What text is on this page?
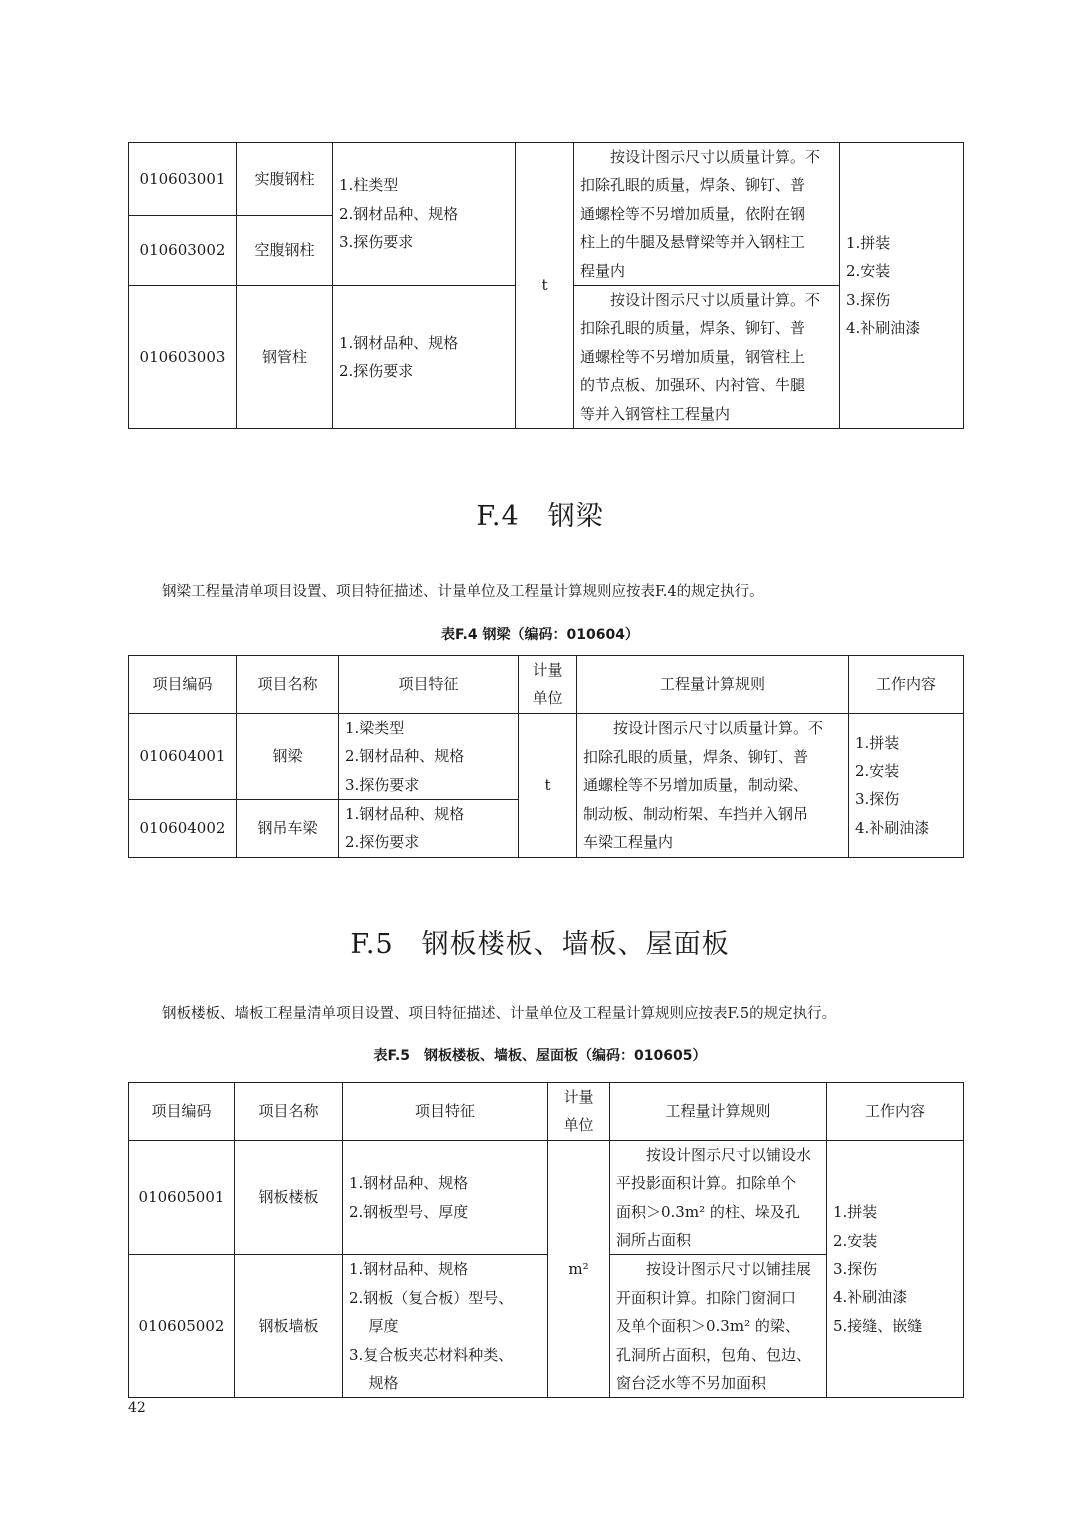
010603001	实腹钢柱	1.柱类型
2.钢材品种、规格
3.探伤要求	t	按设计图示尺寸以质量计算。不
扣除孔眼的质量，焊条、铆钉、普
通螺栓等不另增加质量，依附在钢
柱上的牛腿及悬臂梁等并入钢柱工
程量内	1.拼装
2.安装
3.探伤
4.补刷油漆

010603002	空腹钢柱				
010603003	钢管柱	1.钢材品种、规格
2.探伤要求		按设计图示尺寸以质量计算。不
扣除孔眼的质量，焊条、铆钉、普
通螺栓等不另增加质量，钢管柱上
的节点板、加强环、内衬管、牛腿
等并入钢管柱工程量内	
F.4　钢梁
钢梁工程量清单项目设置、项目特征描述、计量单位及工程量计算规则应按表F.4的规定执行。
表F.4 钢梁（编码：010604）
项目编码	项目名称	项目特征	计量
单位	工程量计算规则	工作内容
010604001	钢梁	1.梁类型
2.钢材品种、规格
3.探伤要求	t	按设计图示尺寸以质量计算。不
扣除孔眼的质量，焊条、铆钉、普
通螺栓等不另增加质量，制动梁、
制动板、制动桁架、车挡并入钢吊
车梁工程量内	1.拼装
2.安装
3.探伤
4.补刷油漆

010604002	钢吊车梁	1.钢材品种、规格
2.探伤要求			
F.5　钢板楼板、墙板、屋面板
钢板楼板、墙板工程量清单项目设置、项目特征描述、计量单位及工程量计算规则应按表F.5的规定执行。
表F.5　钢板楼板、墙板、屋面板（编码：010605）
项目编码	项目名称	项目特征	计量
单位	工程量计算规则	工作内容
010605001	钢板楼板	1.钢材品种、规格
2.钢板型号、厚度	m²	按设计图示尺寸以铺设水
平投影面积计算。扣除单个
面积＞0.3m² 的柱、垛及孔
洞所占面积	1.拼装
2.安装
3.探伤
4.补刷油漆
5.接缝、嵌缝

010605002	钢板墙板	1.钢材品种、规格
2.钢板（复合板）型号、
厚度
3.复合板夹芯材料种类、
规格		按设计图示尺寸以铺挂展
开面积计算。扣除门窗洞口
及单个面积＞0.3m² 的梁、
孔洞所占面积，包角、包边、
窗台泛水等不另加面积	
42
